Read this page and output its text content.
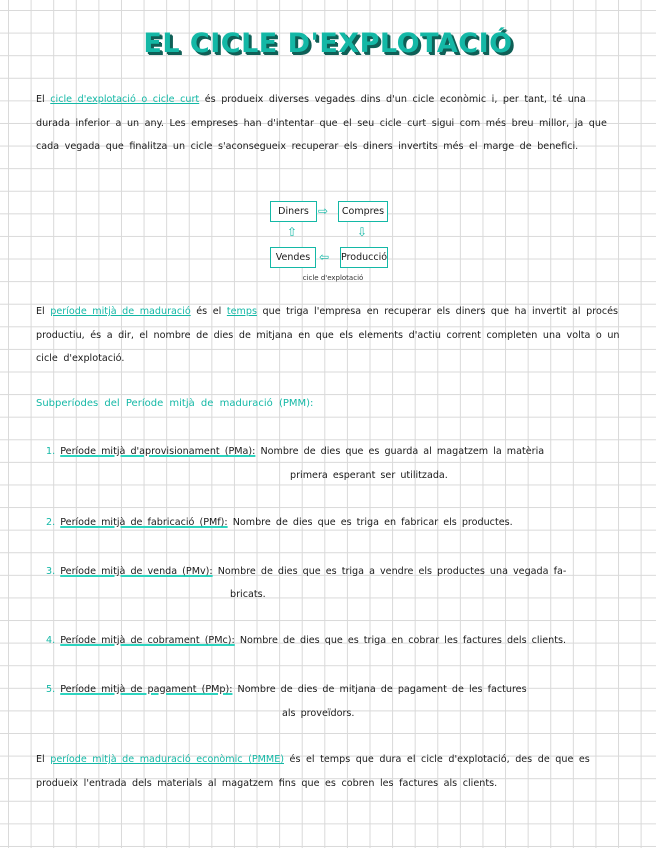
EL CICLE D'EXPLOTACIÓ
El cicle d'explotació o cicle curt és produeix diverses vegades dins d'un cicle econòmic i, per tant, té una durada inferior a un any. Les empreses han d'intentar que el seu cicle curt sigui com més breu millor, ja que cada vegada que finalitza un cicle s'aconsegueix recuperar els diners invertits més el marge de benefici.
Diners ⇨	Compres
⇩
Producció
⇦
Vendes
⇧
cicle d'explotació
El període mitjà de maduració és el temps que triga l'empresa en recuperar els diners que ha invertit al procés productiu, és a dir, el nombre de dies de mitjana en que els elements d'actiu corrent completen una volta o un cicle d'explotació.
Subperíodes del Període mitjà de maduració (PMM):
1. Període mitjà d'aprovisionament (PMa): Nombre de dies que es guarda al magatzem la matèria
primera esperant ser utilitzada.
2. Període mitjà de fabricació (PMf): Nombre de dies que es triga en fabricar els productes.
3. Període mitjà de venda (PMv): Nombre de dies que es triga a vendre els productes una vegada fa-
bricats.
4. Període mitjà de cobrament (PMc): Nombre de dies que es triga en cobrar les factures dels clients.
5. Període mitjà de pagament (PMp): Nombre de dies de mitjana de pagament de les factures
als proveïdors.
El període mitjà de maduració econòmic (PMME) és el temps que dura el cicle d'explotació, des de que es produeix l'entrada dels materials al magatzem fins que es cobren les factures als clients.
